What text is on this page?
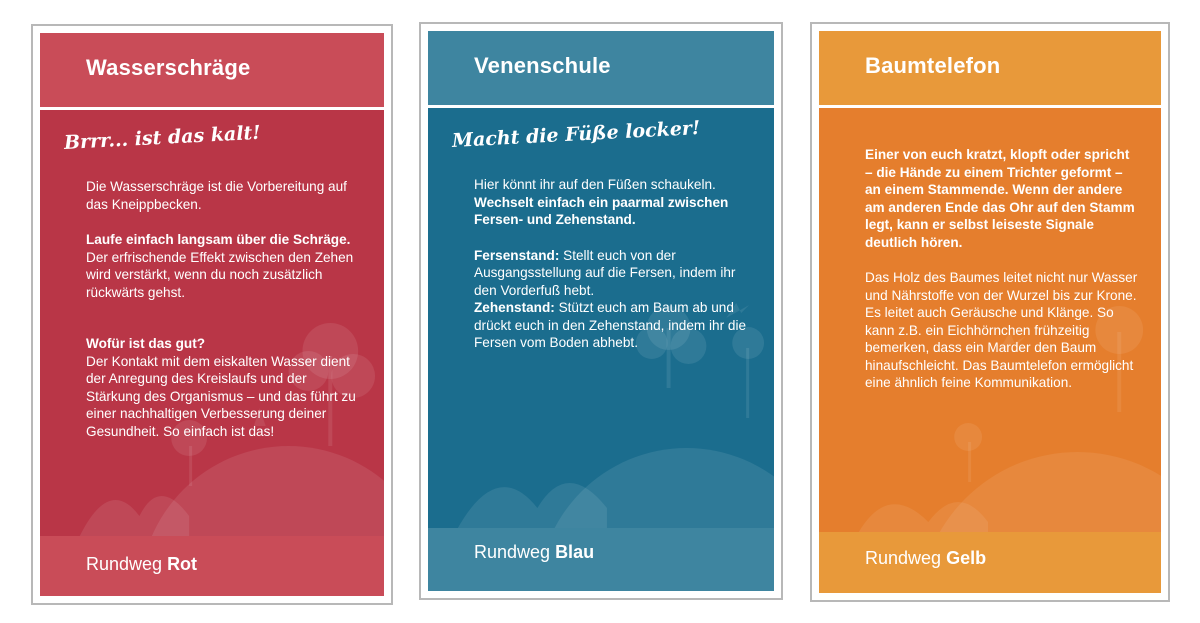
Wasserschräge
Brrr... ist das kalt!

Die Wasserschräge ist die Vorbereitung auf das Kneippbecken.

Laufe einfach langsam über die Schräge. Der erfrischende Effekt zwischen den Zehen wird verstärkt, wenn du noch zusätzlich rückwärts gehst.

Wofür ist das gut?

Der Kontakt mit dem eiskalten Wasser dient der Anregung des Kreislaufs und der Stärkung des Organismus – und das führt zu einer nachhaltigen Verbesserung deiner Gesundheit. So einfach ist das!

Rundweg Rot
Venenschule
Macht die Füße locker!

Hier könnt ihr auf den Füßen schaukeln. Wechselt einfach ein paarmal zwischen Fersen- und Zehenstand.

Fersenstand: Stellt euch von der Ausgangsstellung auf die Fersen, indem ihr den Vorderfuß hebt.

Zehenstand: Stützt euch am Baum ab und drückt euch in den Zehenstand, indem ihr die Fersen vom Boden abhebt.

Rundweg Blau
Baumtelefon

Einer von euch kratzt, klopft oder spricht – die Hände zu einem Trichter geformt – an einem Stammende. Wenn der andere am anderen Ende das Ohr auf den Stamm legt, kann er selbst leiseste Signale deutlich hören.

Das Holz des Baumes leitet nicht nur Wasser und Nährstoffe von der Wurzel bis zur Krone. Es leitet auch Geräusche und Klänge. So kann z.B. ein Eichhörnchen frühzeitig bemerken, dass ein Marder den Baum hinaufschleicht. Das Baumtelefon ermöglicht eine ähnlich feine Kommunikation.

Rundweg Gelb
